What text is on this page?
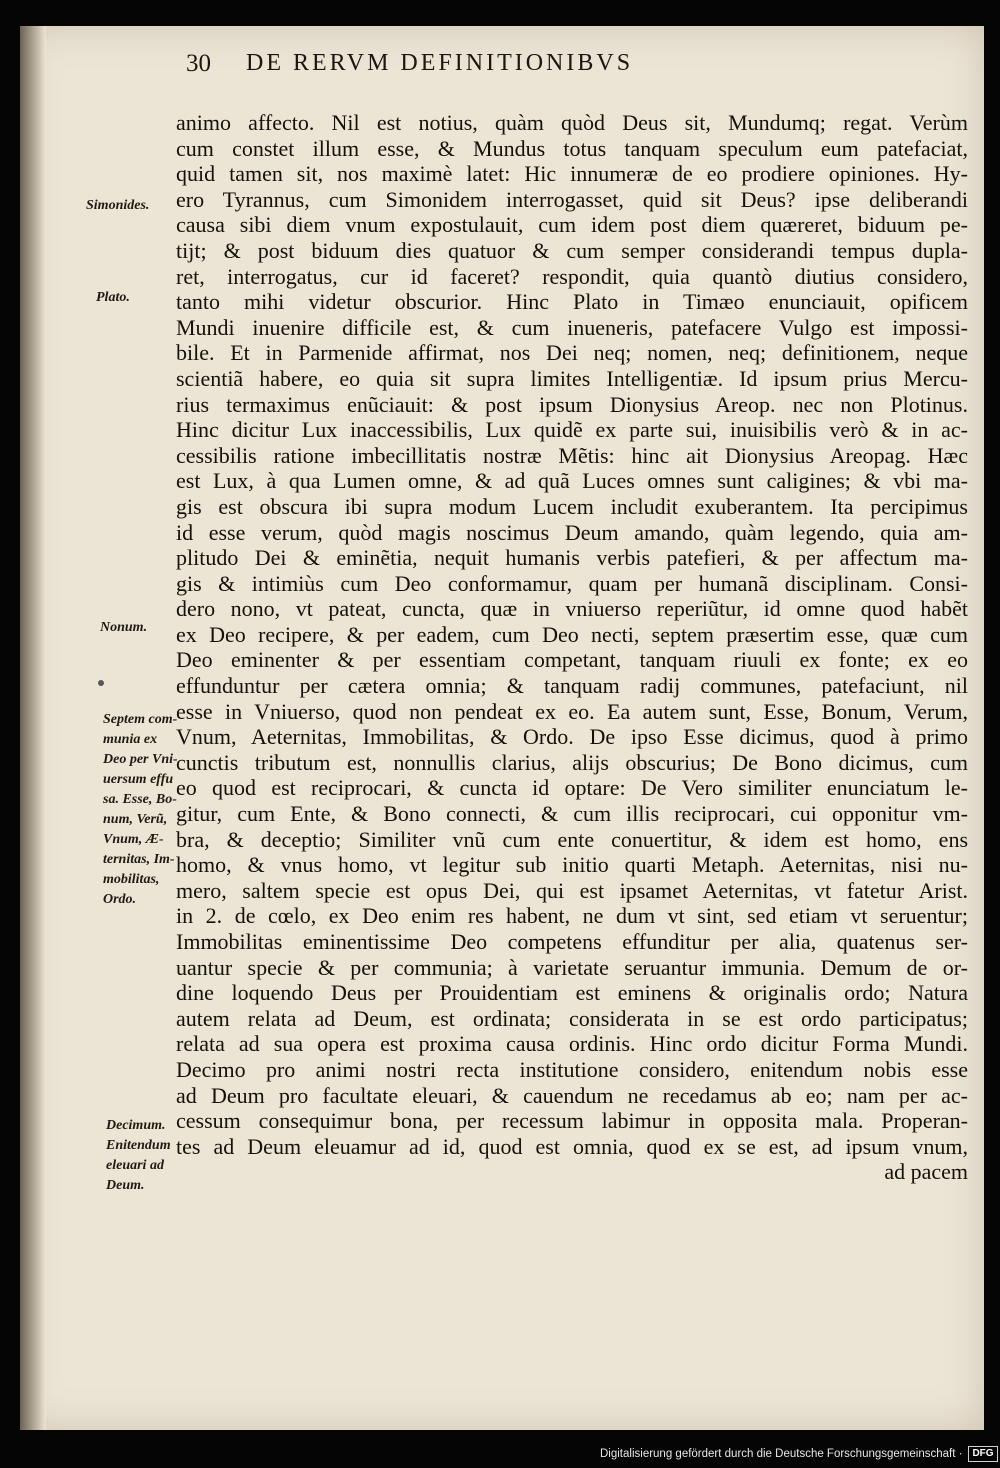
30 DE RERVM DEFINITIONIBVS
animo affecto. Nil est notius, quàm quòd Deus sit, Mundumq; regat. Verùm
cum constet illum esse, & Mundus totus tanquam speculum eum patefaciat,
quid tamen sit, nos maximè latet: Hic innumeræ de eo prodiere opiniones. Hy-
ero Tyrannus, cum Simonidem interrogasset, quid sit Deus? ipse deliberandi
causa sibi diem vnum expostulauit, cum idem post diem quæreret, biduum pe-
tijt; & post biduum dies quatuor & cum semper considerandi tempus dupla-
ret, interrogatus, cur id faceret? respondit, quia quantò diutius considero,
tanto mihi videtur obscurior. Hinc Plato in Timæo enunciauit, opificem
Mundi inuenire difficile est, & cum inueneris, patefacere Vulgo est impossi-
bile. Et in Parmenide affirmat, nos Dei neq; nomen, neq; definitionem, neque
scientiã habere, eo quia sit supra limites Intelligentiæ. Id ipsum prius Mercu-
rius termaximus enũciauit: & post ipsum Dionysius Areop. nec non Plotinus.
Hinc dicitur Lux inaccessibilis, Lux quidẽ ex parte sui, inuisibilis verò & in ac-
cessibilis ratione imbecillitatis nostræ Mẽtis: hinc ait Dionysius Areopag. Hæc
est Lux, à qua Lumen omne, & ad quã Luces omnes sunt caligines; & vbi ma-
gis est obscura ibi supra modum Lucem includit exuberantem. Ita percipimus
id esse verum, quòd magis noscimus Deum amando, quàm legendo, quia am-
plitudo Dei & eminẽtia, nequit humanis verbis patefieri, & per affectum ma-
gis & intimiùs cum Deo conformamur, quam per humanã disciplinam. Consi-
dero nono, vt pateat, cuncta, quæ in vniuerso reperiũtur, id omne quod habẽt
ex Deo recipere, & per eadem, cum Deo necti, septem præsertim esse, quæ cum
Deo eminenter & per essentiam competant, tanquam riuuli ex fonte; ex eo
effunduntur per cætera omnia; & tanquam radij communes, patefaciunt, nil
esse in Vniuerso, quod non pendeat ex eo. Ea autem sunt, Esse, Bonum, Verum,
Vnum, Aeternitas, Immobilitas, & Ordo. De ipso Esse dicimus, quod à primo
cunctis tributum est, nonnullis clarius, alijs obscurius; De Bono dicimus, cum
eo quod est reciprocari, & cuncta id optare: De Vero similiter enunciatum le-
gitur, cum Ente, & Bono connecti, & cum illis reciprocari, cui opponitur vm-
bra, & deceptio; Similiter vnũ cum ente conuertitur, & idem est homo, ens
homo, & vnus homo, vt legitur sub initio quarti Metaph. Aeternitas, nisi nu-
mero, saltem specie est opus Dei, qui est ipsamet Aeternitas, vt fatetur Arist.
in 2. de cœlo, ex Deo enim res habent, ne dum vt sint, sed etiam vt seruentur;
Immobilitas eminentissime Deo competens effunditur per alia, quatenus ser-
uantur specie & per communia; à varietate seruantur immunia. Demum de or-
dine loquendo Deus per Prouidentiam est eminens & originalis ordo; Natura
autem relata ad Deum, est ordinata; considerata in se est ordo participatus;
relata ad sua opera est proxima causa ordinis. Hinc ordo dicitur Forma Mundi.
Decimo pro animi nostri recta institutione considero, enitendum nobis esse
ad Deum pro facultate eleuari, & cauendum ne recedamus ab eo; nam per ac-
cessum consequimur bona, per recessum labimur in opposita mala. Properan-
tes ad Deum eleuamur ad id, quod est omnia, quod ex se est, ad ipsum vnum,
ad pacem
Simonides.
Plato.
Nonum.
Septem com-
munia ex
Deo per Vni-
uersum effu
sa. Esse, Bo-
num, Verũ,
Vnum, Æ-
ternitas, Im-
mobilitas,
Ordo.
Decimum.
Enitendum
eleuari ad
Deum.
Digitalisierung gefördert durch die Deutsche Forschungsgemeinschaft ·	DFG
